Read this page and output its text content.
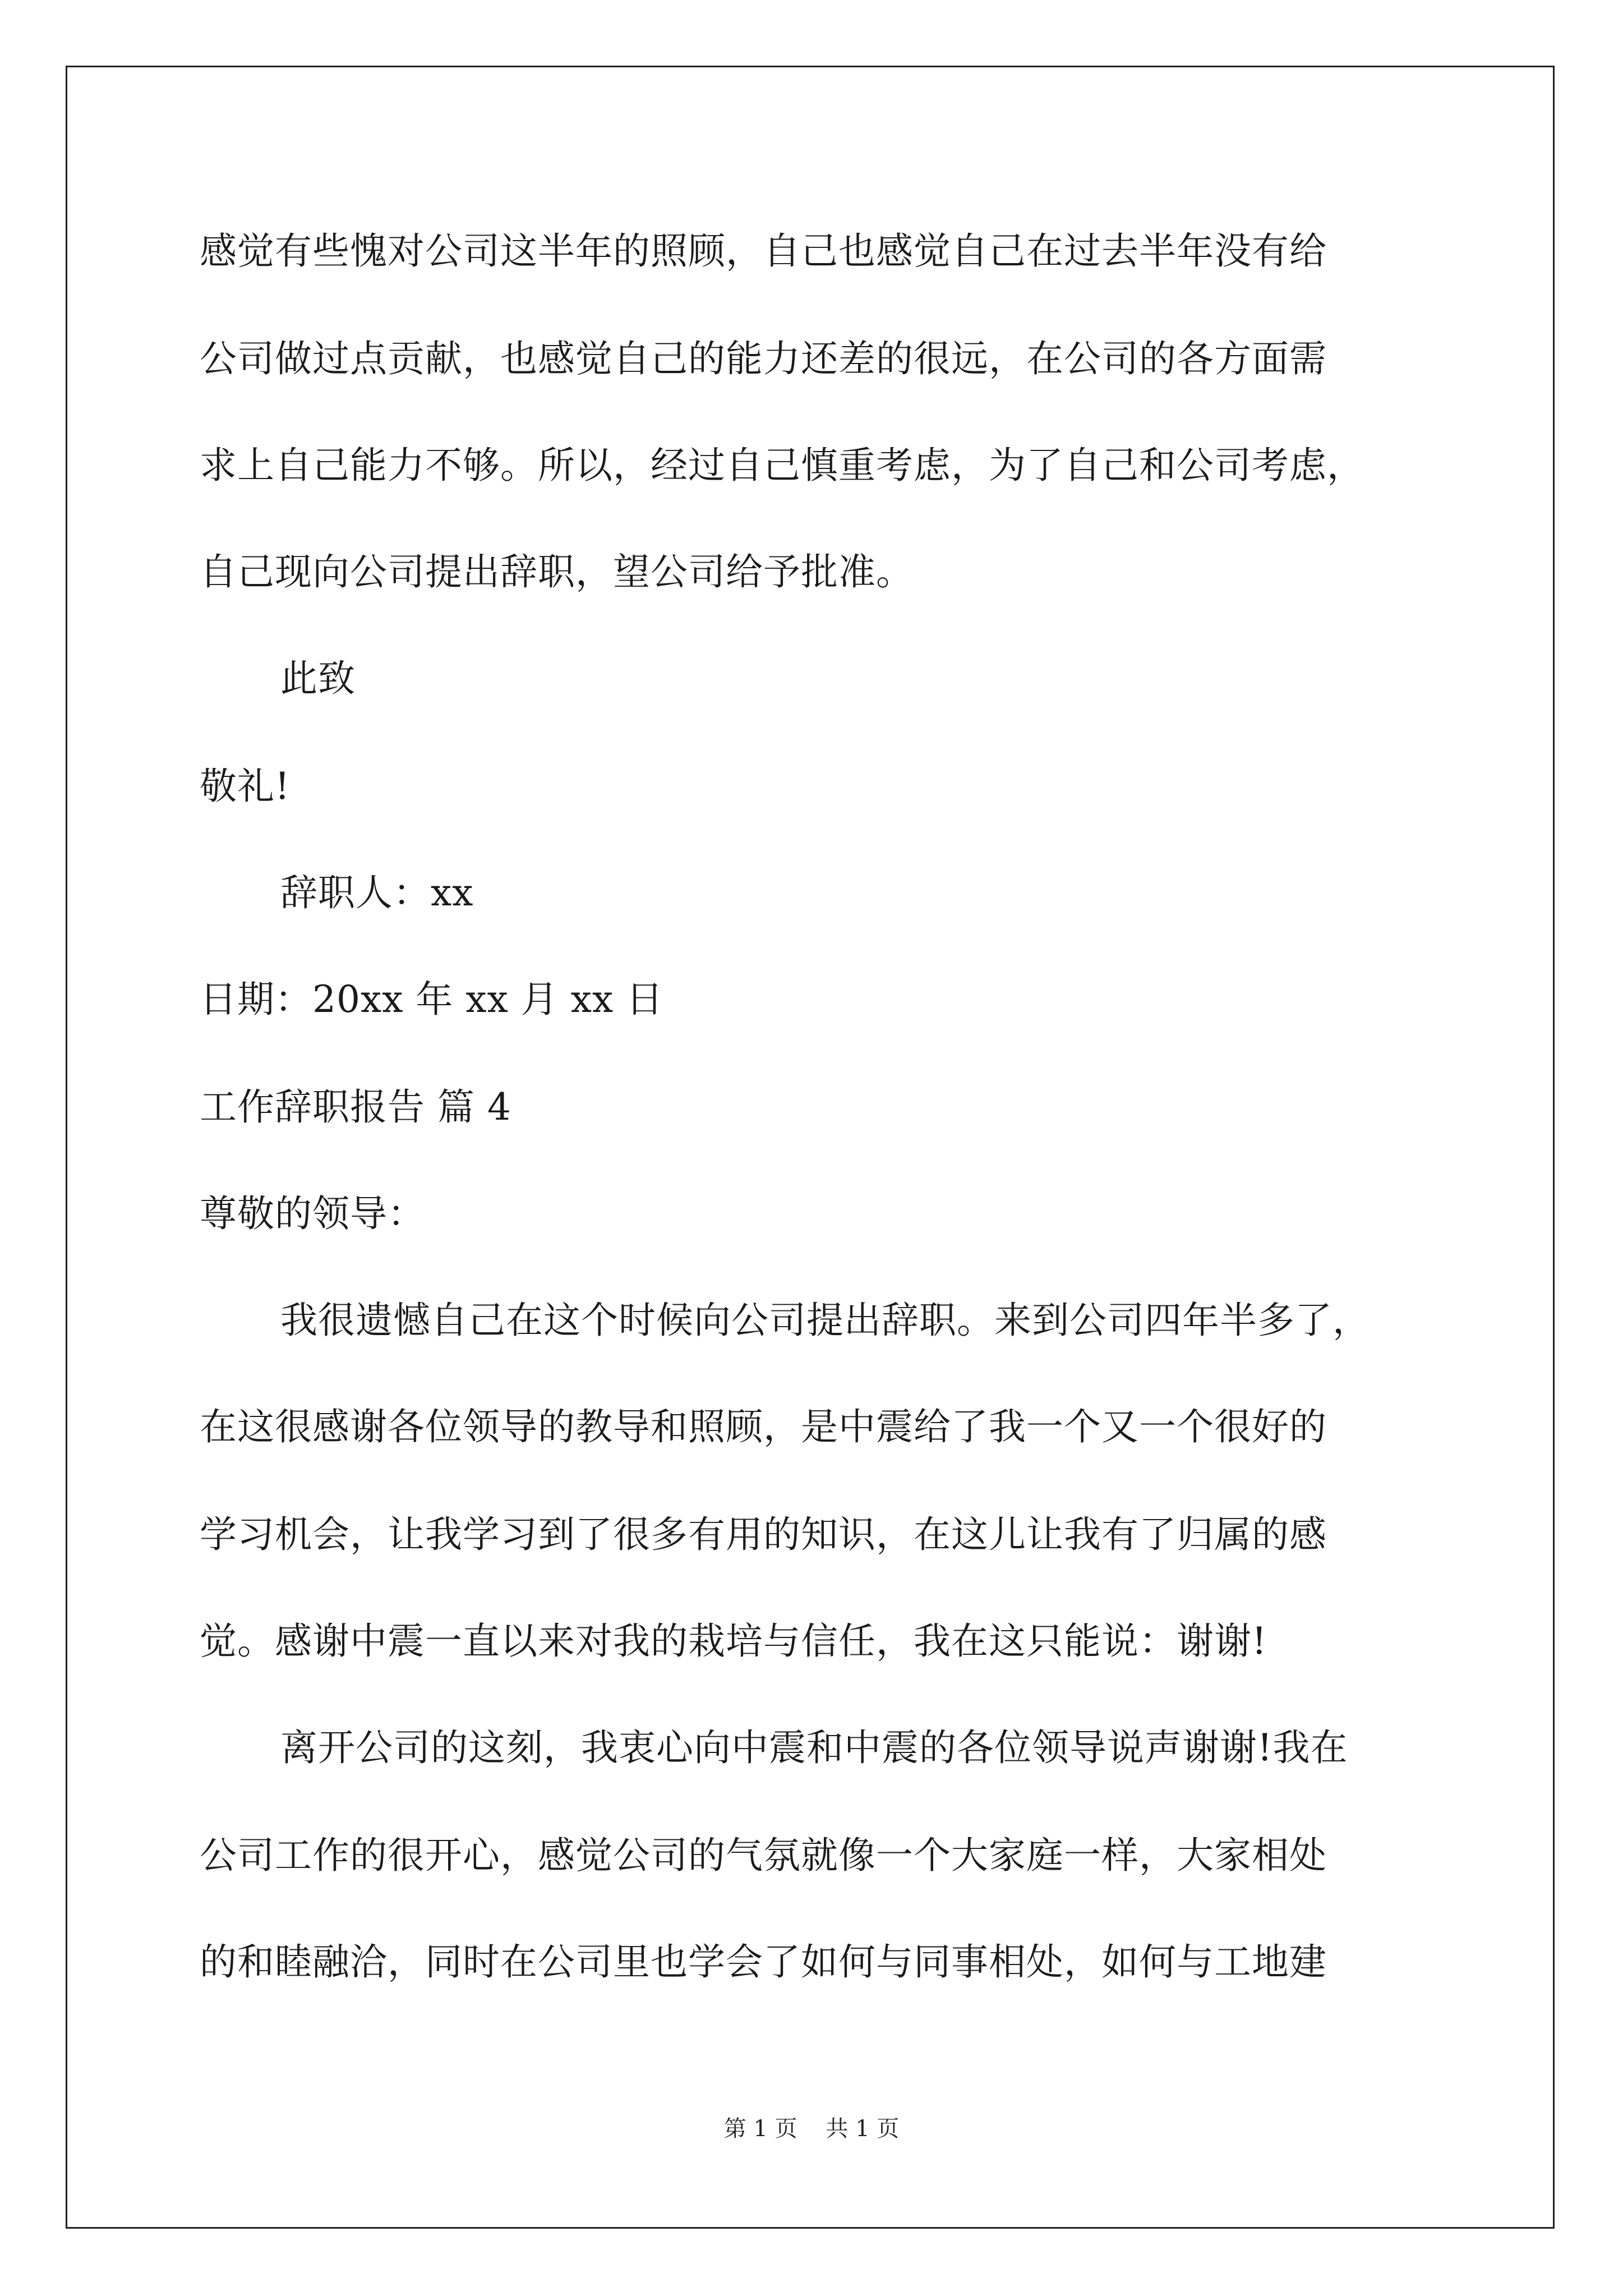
感觉有些愧对公司这半年的照顾，自己也感觉自己在过去半年没有给
公司做过点贡献，也感觉自己的能力还差的很远，在公司的各方面需
求上自己能力不够。所以，经过自己慎重考虑，为了自己和公司考虑，
自己现向公司提出辞职，望公司给予批准。
此致
敬礼!
辞职人：xx
日期：20xx 年 xx 月 xx 日
工作辞职报告 篇 4
尊敬的领导：
我很遗憾自己在这个时候向公司提出辞职。来到公司四年半多了，
在这很感谢各位领导的教导和照顾，是中震给了我一个又一个很好的
学习机会，让我学习到了很多有用的知识，在这儿让我有了归属的感
觉。感谢中震一直以来对我的栽培与信任，我在这只能说：谢谢!
离开公司的这刻，我衷心向中震和中震的各位领导说声谢谢!我在
公司工作的很开心，感觉公司的气氛就像一个大家庭一样，大家相处
的和睦融洽，同时在公司里也学会了如何与同事相处，如何与工地建
第 1 页    共 1 页
